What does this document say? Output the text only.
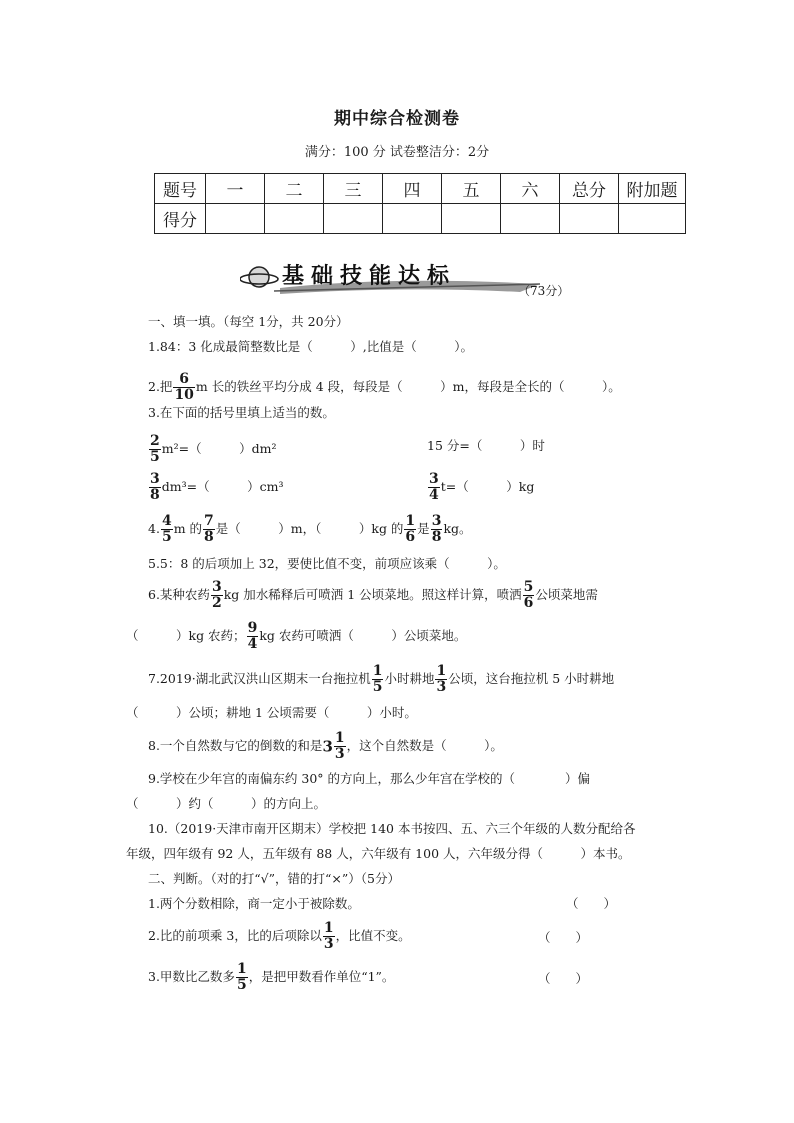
期中综合检测卷
满分：100 分 试卷整洁分：2分
题号	一	二	三	四	五	六	总分	附加题
得分								
基础技能达标
（73分）
一、填一填。（每空 1分，共 20分）
1.84：3 化成最简整数比是（　　　）,比值是（　　　）。
2.把 $\frac{6}{10}$ m 长的铁丝平均分成 4 段，每段是（　　　）m，每段是全长的（　　　）。
3.在下面的括号里填上适当的数。
$\frac{2}{5} m^2=$（　　　）dm²	15 分=（　　　）时
$\frac{3}{8} dm^3=$（　　　）cm³	$\frac{3}{4} t=$（　　　）kg
4. $\frac{4}{5}$ m 的 $\frac{7}{8}$ 是（　　　）m，（　　　）kg 的 $\frac{1}{6}$ 是 $\frac{3}{8}$ kg。
5.5：8 的后项加上 32，要使比值不变，前项应该乘（　　　）。
6.某种农药 $\frac{3}{2}$ kg 加水稀释后可喷洒 1 公顷菜地。照这样计算，喷洒 $\frac{5}{6}$ 公顷菜地需
（　　　）kg 农药； $\frac{9}{4}$ kg 农药可喷洒（　　　）公顷菜地。
7.2019·湖北武汉洪山区期末一台拖拉机 $\frac{1}{5}$ 小时耕地 $\frac{1}{3}$ 公顷，这台拖拉机 5 小时耕地
（　　　）公顷；耕地 1 公顷需要（　　　）小时。
8.一个自然数与它的倒数的和是$3 \frac{1}{3}$ ，这个自然数是（　　　）。
9.学校在少年宫的南偏东约 30° 的方向上，那么少年宫在学校的（　　　　）偏
（　　　）约（　　　）的方向上。
10.（2019·天津市南开区期末）学校把 140 本书按四、五、六三个年级的人数分配给各
年级，四年级有 92 人，五年级有 88 人，六年级有 100 人，六年级分得（　　　）本书。
二、判断。（对的打“√”，错的打“×”）（5分）
1.两个分数相除，商一定小于被除数。	（　　）
2.比的前项乘 3，比的后项除以 $\frac{1}{3}$ ，比值不变。	（　　）
3.甲数比乙数多 $\frac{1}{5}$ ，是把甲数看作单位“1”。	（　　）
